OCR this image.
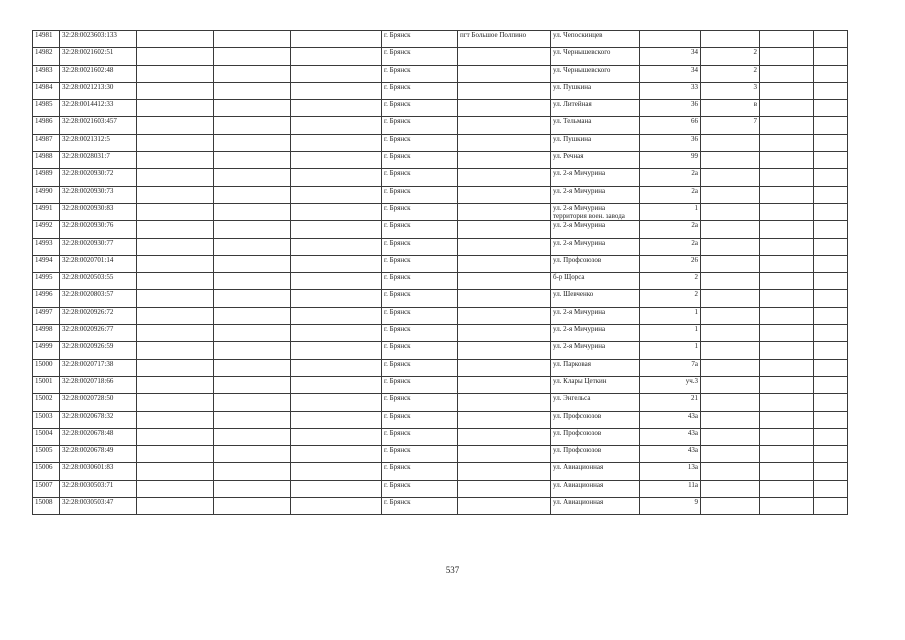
14981	32:28:0023603:133				г. Брянск	пгт Большое Полпино	ул. Чепоскинцев				
14982	32:28:0021602:51				г. Брянск		ул. Чернышевского	34	2		
14983	32:28:0021602:48				г. Брянск		ул. Чернышевского	34	2		
14984	32:28:0021213:30				г. Брянск		ул. Пушкина	33	3		
14985	32:28:0014412:33				г. Брянск		ул. Литейная	36	в		
14986	32:28:0021603:457				г. Брянск		ул. Тельмана	66	7		
14987	32:28:0021312:5				г. Брянск		ул. Пушкина	36			
14988	32:28:0028031:7				г. Брянск		ул. Речная	99			
14989	32:28:0020930:72				г. Брянск		ул. 2-я Мичурина	2а			
14990	32:28:0020930:73				г. Брянск		ул. 2-я Мичурина	2а			
14991	32:28:0020930:83				г. Брянск		ул. 2-я Мичурина территория воен. завода	1			
14992	32:28:0020930:76				г. Брянск		ул. 2-я Мичурина	2а			
14993	32:28:0020930:77				г. Брянск		ул. 2-я Мичурина	2а			
14994	32:28:0020701:14				г. Брянск		ул. Профсоюзов	26			
14995	32:28:0020503:55				г. Брянск		б-р Щорса	2			
14996	32:28:0020803:57				г. Брянск		ул. Шевченко	2			
14997	32:28:0020926:72				г. Брянск		ул. 2-я Мичурина	1			
14998	32:28:0020926:77				г. Брянск		ул. 2-я Мичурина	1			
14999	32:28:0020926:59				г. Брянск		ул. 2-я Мичурина	1			
15000	32:28:0020717:38				г. Брянск		ул. Парковая	7а			
15001	32:28:0020718:66				г. Брянск		ул. Клары Цеткин	уч.3			
15002	32:28:0020728:50				г. Брянск		ул. Энгельса	21			
15003	32:28:0020678:32				г. Брянск		ул. Профсоюзов	43а			
15004	32:28:0020678:48				г. Брянск		ул. Профсоюзов	43а			
15005	32:28:0020678:49				г. Брянск		ул. Профсоюзов	43а			
15006	32:28:0030601:83				г. Брянск		ул. Авиационная	13а			
15007	32:28:0030503:71				г. Брянск		ул. Авиационная	11а			
15008	32:28:0030503:47				г. Брянск		ул. Авиационная	9			
537
